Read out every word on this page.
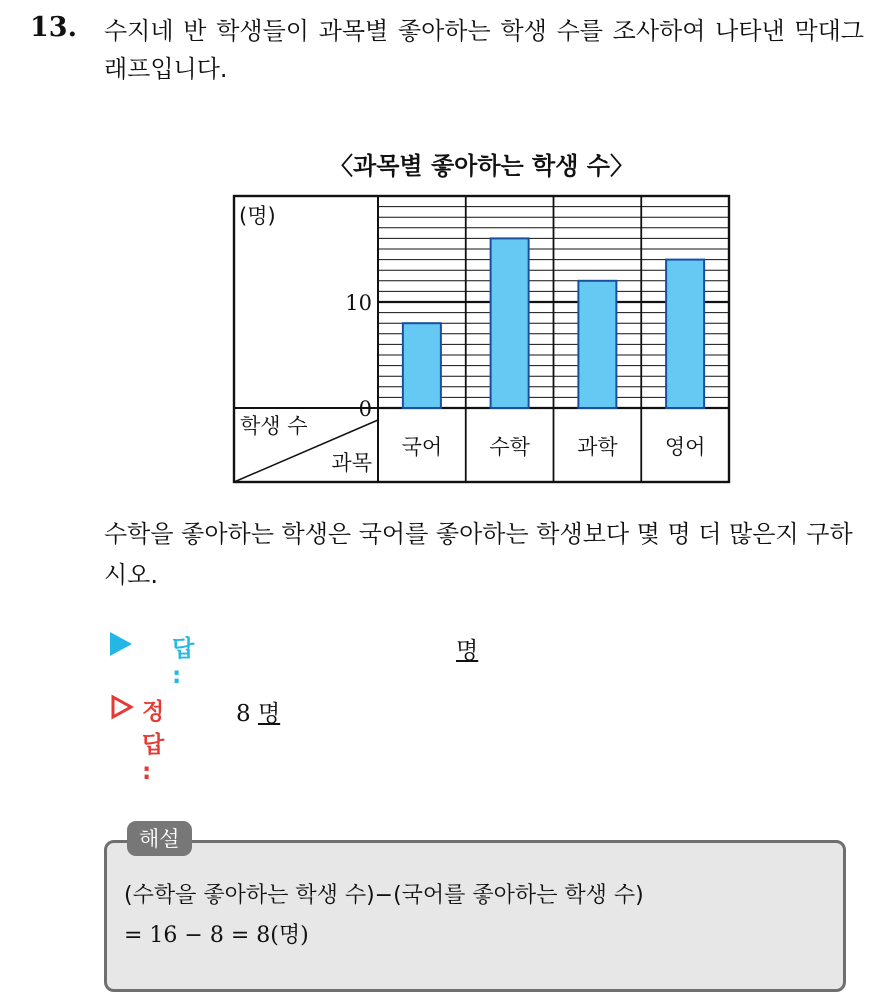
13. 수지네 반 학생들이 과목별 좋아하는 학생 수를 조사하여 나타낸 막대그래프입니다.
〈과목별 좋아하는 학생 수〉
국어 수학 과학 영어
0
10
(명)
학생 수
과목
수학을 좋아하는 학생은 국어를 좋아하는 학생보다 몇 명 더 많은지 구하시오.
답 :
명
정답 :
8 명
해설
(수학을 좋아하는 학생 수)−(국어를 좋아하는 학생 수)
= 16 − 8 = 8(명)
